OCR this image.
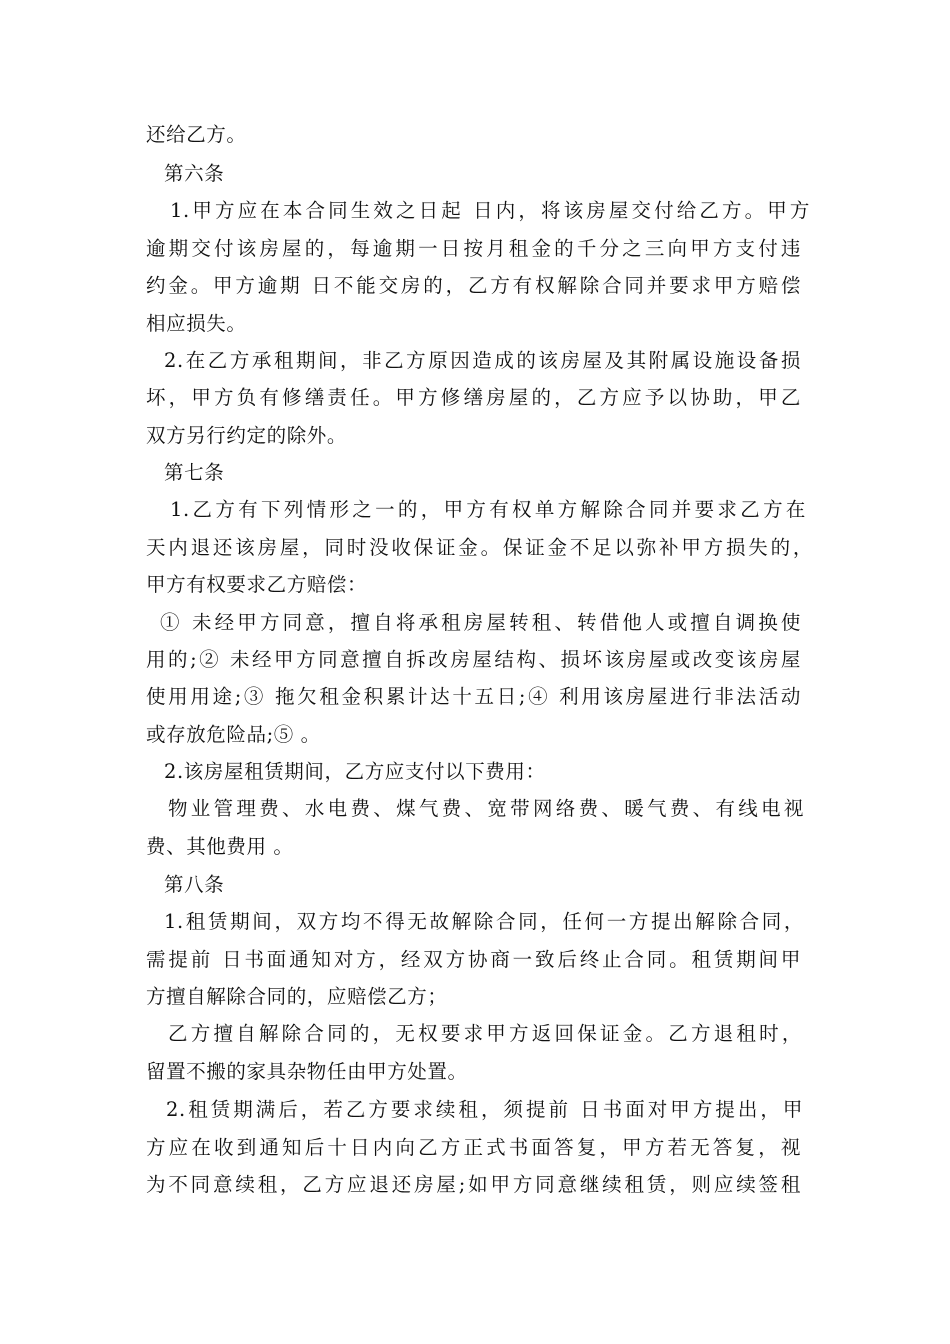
还给乙方。
第六条
1.甲方应在本合同生效之日起 日内，将该房屋交付给乙方。甲方
逾期交付该房屋的，每逾期一日按月租金的千分之三向甲方支付违
约金。甲方逾期 日不能交房的，乙方有权解除合同并要求甲方赔偿
相应损失。
2.在乙方承租期间，非乙方原因造成的该房屋及其附属设施设备损
坏，甲方负有修缮责任。甲方修缮房屋的，乙方应予以协助，甲乙
双方另行约定的除外。
第七条
1.乙方有下列情形之一的，甲方有权单方解除合同并要求乙方在
天内退还该房屋，同时没收保证金。保证金不足以弥补甲方损失的，
甲方有权要求乙方赔偿：
① 未经甲方同意，擅自将承租房屋转租、转借他人或擅自调换使
用的;② 未经甲方同意擅自拆改房屋结构、损坏该房屋或改变该房屋
使用用途;③ 拖欠租金积累计达十五日;④ 利用该房屋进行非法活动
或存放危险品;⑤ 。
2.该房屋租赁期间，乙方应支付以下费用：
物业管理费、水电费、煤气费、宽带网络费、暖气费、有线电视
费、其他费用 。
第八条
1.租赁期间，双方均不得无故解除合同，任何一方提出解除合同，
需提前 日书面通知对方，经双方协商一致后终止合同。租赁期间甲
方擅自解除合同的，应赔偿乙方；
乙方擅自解除合同的，无权要求甲方返回保证金。乙方退租时，
留置不搬的家具杂物任由甲方处置。
2.租赁期满后，若乙方要求续租，须提前 日书面对甲方提出，甲
方应在收到通知后十日内向乙方正式书面答复，甲方若无答复，视
为不同意续租，乙方应退还房屋;如甲方同意继续租赁，则应续签租
